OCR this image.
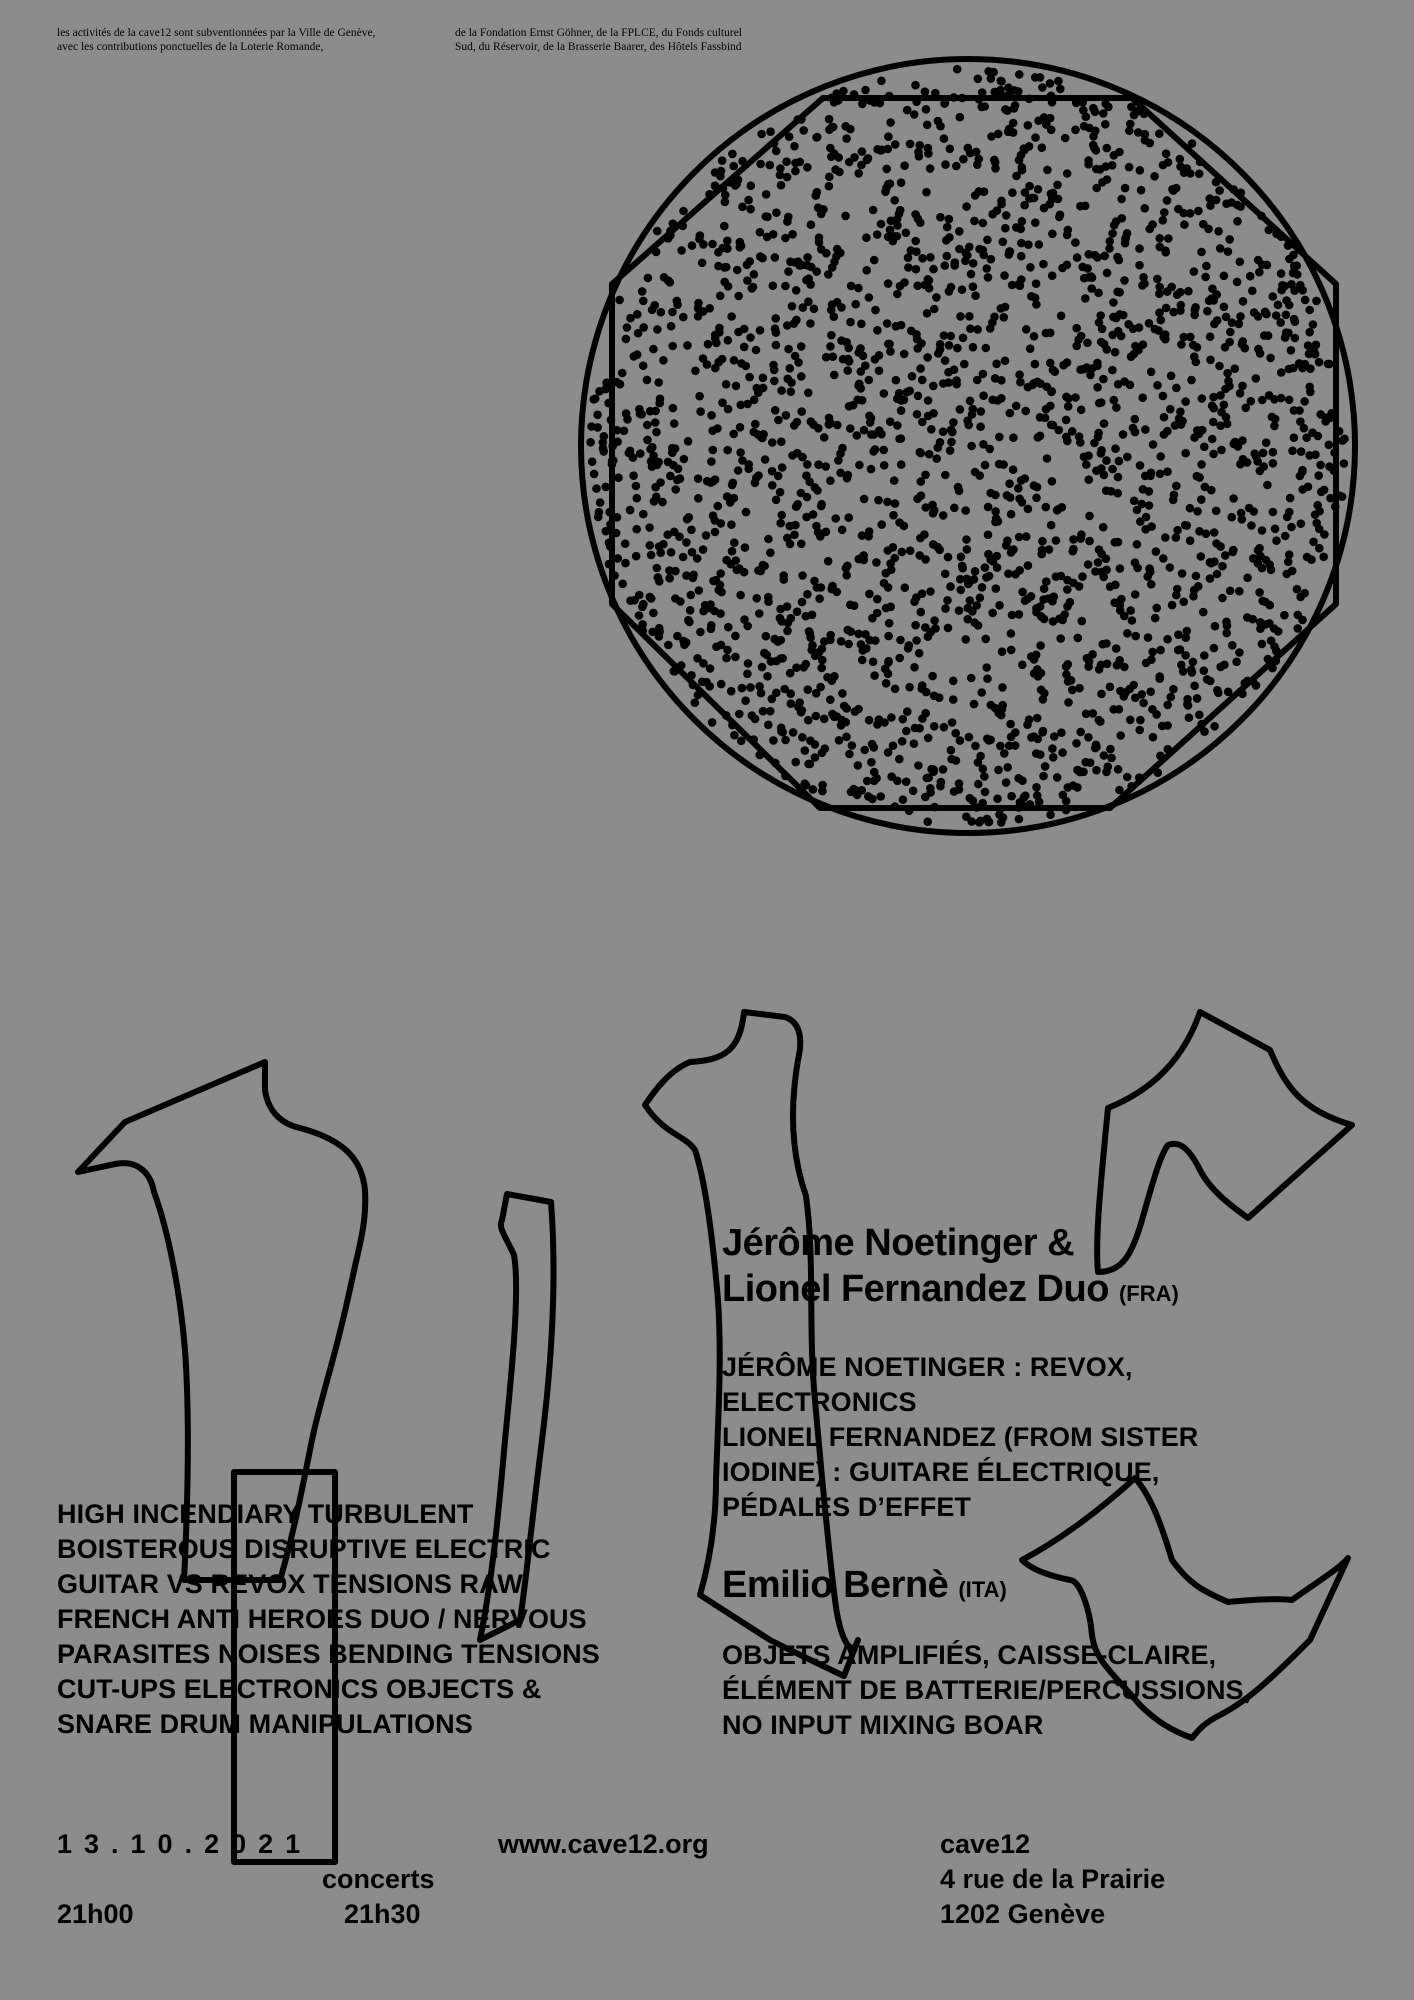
les activités de la cave12 sont subventionnées par la Ville de Genève,
avec les contributions ponctuelles de la Loterie Romande,
de la Fondation Ernst Göhner, de la FPLCE, du Fonds culturel
Sud, du Réservoir, de la Brasserie Baarer, des Hôtels Fassbind
Jérôme Noetinger &
Lionel Fernandez Duo (FRA)
JÉRÔME NOETINGER : REVOX,
ELECTRONICS
LIONEL FERNANDEZ (FROM SISTER
IODINE) : GUITARE ÉLECTRIQUE,
PÉDALES D’EFFET
Emilio Bernè (ITA)
OBJETS AMPLIFIÉS, CAISSE-CLAIRE,
ÉLÉMENT DE BATTERIE/PERCUSSIONS,
NO INPUT MIXING BOAR
HIGH INCENDIARY TURBULENT
BOISTEROUS DISRUPTIVE ELECTRIC
GUITAR VS REVOX TENSIONS RAW
FRENCH ANTI HEROES DUO / NERVOUS
PARASITES NOISES BENDING TENSIONS
CUT-UPS ELECTRONICS OBJECTS &
SNARE DRUM MANIPULATIONS
13.10.2021
concerts
21h00	21h30
www.cave12.org	cave12
4 rue de la Prairie
1202 Genève
